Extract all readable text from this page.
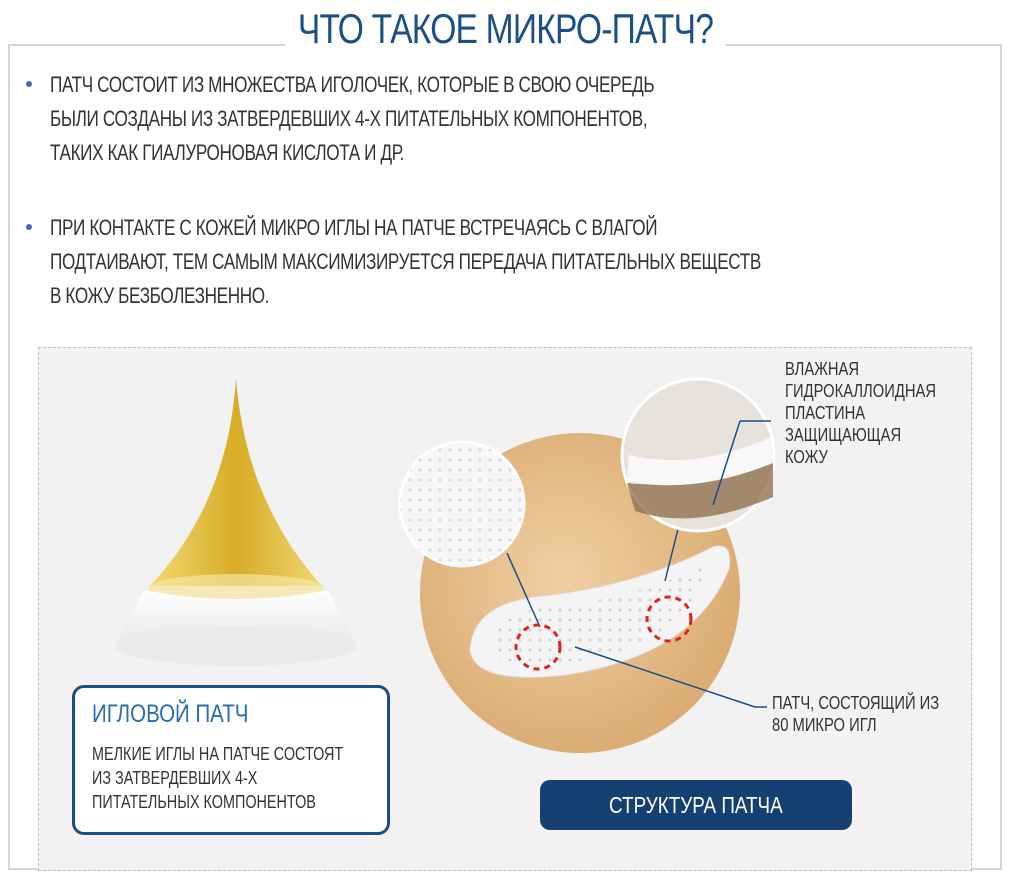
ЧТО ТАКОЕ МИКРО-ПАТЧ?
ПАТЧ СОСТОИТ ИЗ МНОЖЕСТВА ИГОЛОЧЕК, КОТОРЫЕ В СВОЮ ОЧЕРЕДЬ
БЫЛИ СОЗДАНЫ ИЗ ЗАТВЕРДЕВШИХ 4-Х ПИТАТЕЛЬНЫХ КОМПОНЕНТОВ,
ТАКИХ КАК ГИАЛУРОНОВАЯ КИСЛОТА И ДР.
ПРИ КОНТАКТЕ С КОЖЕЙ МИКРО ИГЛЫ НА ПАТЧЕ ВСТРЕЧАЯСЬ С ВЛАГОЙ
ПОДТАИВАЮТ, ТЕМ САМЫМ МАКСИМИЗИРУЕТСЯ ПЕРЕДАЧА ПИТАТЕЛЬНЫХ ВЕЩЕСТВ
В КОЖУ БЕЗБОЛЕЗНЕННО.
ИГЛОВОЙ ПАТЧ
МЕЛКИЕ ИГЛЫ НА ПАТЧЕ СОСТОЯТ
ИЗ ЗАТВЕРДЕВШИХ 4-Х
ПИТАТЕЛЬНЫХ КОМПОНЕНТОВ
ВЛАЖНАЯ
ГИДРОКАЛЛОИДНАЯ
ПЛАСТИНА
ЗАЩИЩАЮЩАЯ
КОЖУ
ПАТЧ, СОСТОЯЩИЙ ИЗ
80 МИКРО ИГЛ
СТРУКТУРА ПАТЧА
